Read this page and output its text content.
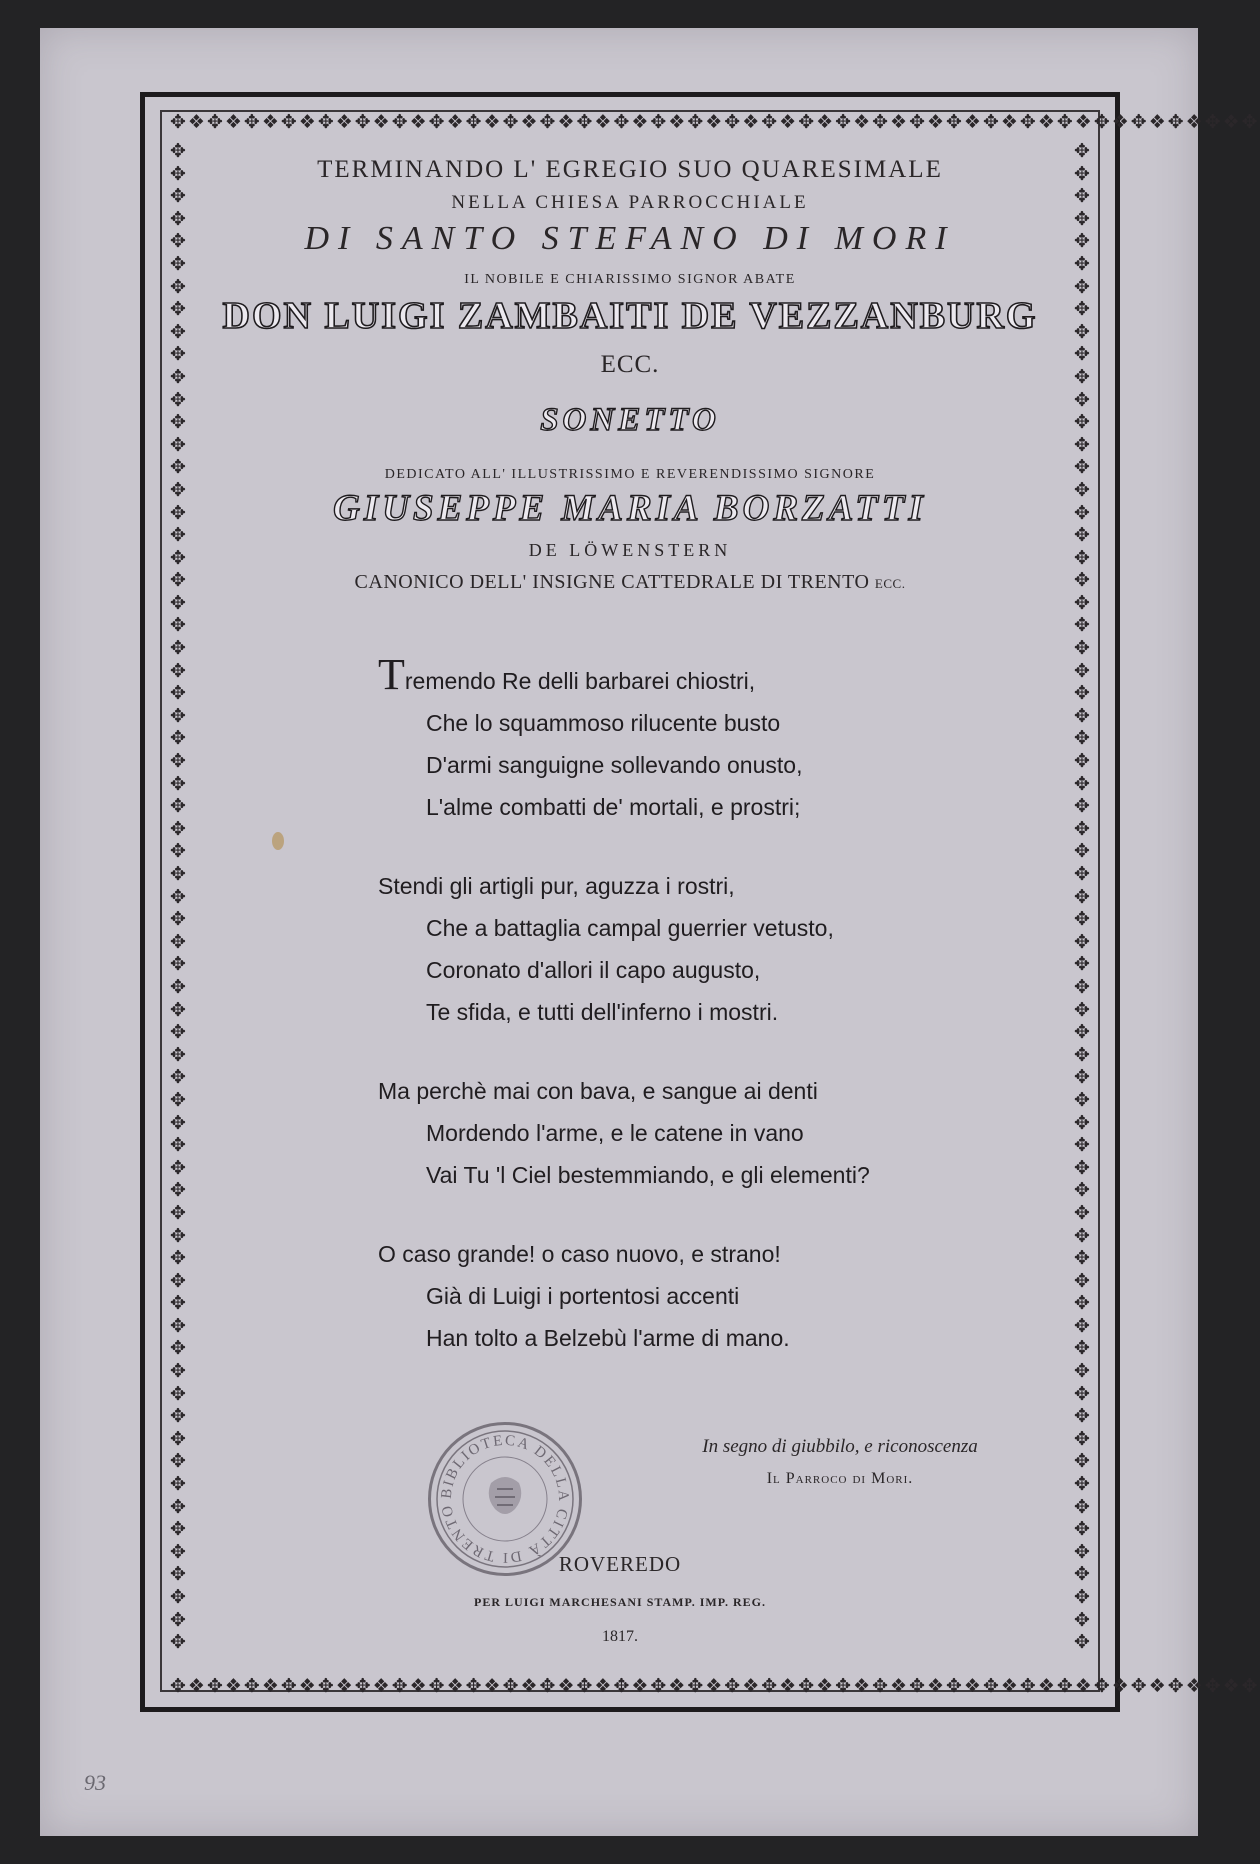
✥❖✥❖✥❖✥❖✥❖✥❖✥❖✥❖✥❖✥❖✥❖✥❖✥❖✥❖✥❖✥❖✥❖✥❖✥❖✥❖✥❖✥❖✥❖✥❖✥❖✥❖✥❖✥❖✥❖✥
✥❖✥❖✥❖✥❖✥❖✥❖✥❖✥❖✥❖✥❖✥❖✥❖✥❖✥❖✥❖✥❖✥❖✥❖✥❖✥❖✥❖✥❖✥❖✥❖✥❖✥❖✥❖✥❖✥❖✥
✥✥✥✥✥✥✥✥✥✥✥✥✥✥✥✥✥✥✥✥✥✥✥✥✥✥✥✥✥✥✥✥✥✥✥✥✥✥✥✥✥✥✥✥✥✥✥✥✥✥✥✥✥✥✥✥✥✥✥✥✥✥✥✥✥✥✥
✥✥✥✥✥✥✥✥✥✥✥✥✥✥✥✥✥✥✥✥✥✥✥✥✥✥✥✥✥✥✥✥✥✥✥✥✥✥✥✥✥✥✥✥✥✥✥✥✥✥✥✥✥✥✥✥✥✥✥✥✥✥✥✥✥✥✥
TERMINANDO L' EGREGIO SUO QUARESIMALE
NELLA CHIESA PARROCCHIALE
DI SANTO STEFANO DI MORI
IL NOBILE E CHIARISSIMO SIGNOR ABATE
DON LUIGI ZAMBAITI DE VEZZANBURG ECC.
SONETTO
DEDICATO ALL' ILLUSTRISSIMO E REVERENDISSIMO SIGNORE
GIUSEPPE MARIA BORZATTI
DE LÖWENSTERN
CANONICO DELL' INSIGNE CATTEDRALE DI TRENTO ECC.
Tremendo Re delli barbarei chiostri,
Che lo squammoso rilucente busto
D'armi sanguigne sollevando onusto,
L'alme combatti de' mortali, e prostri;
Stendi gli artigli pur, aguzza i rostri,
Che a battaglia campal guerrier vetusto,
Coronato d'allori il capo augusto,
Te sfida, e tutti dell'inferno i mostri.
Ma perchè mai con bava, e sangue ai denti
Mordendo l'arme, e le catene in vano
Vai Tu 'l Ciel bestemmiando, e gli elementi?
O caso grande! o caso nuovo, e strano!
Già di Luigi i portentosi accenti
Han tolto a Belzebù l'arme di mano.
BIBLIOTECA DELLA CITTÀ DI TRENTO
In segno di giubbilo, e riconoscenza
Il Parroco di Mori.
ROVEREDO
PER LUIGI MARCHESANI STAMP. IMP. REG.
1817.
93
